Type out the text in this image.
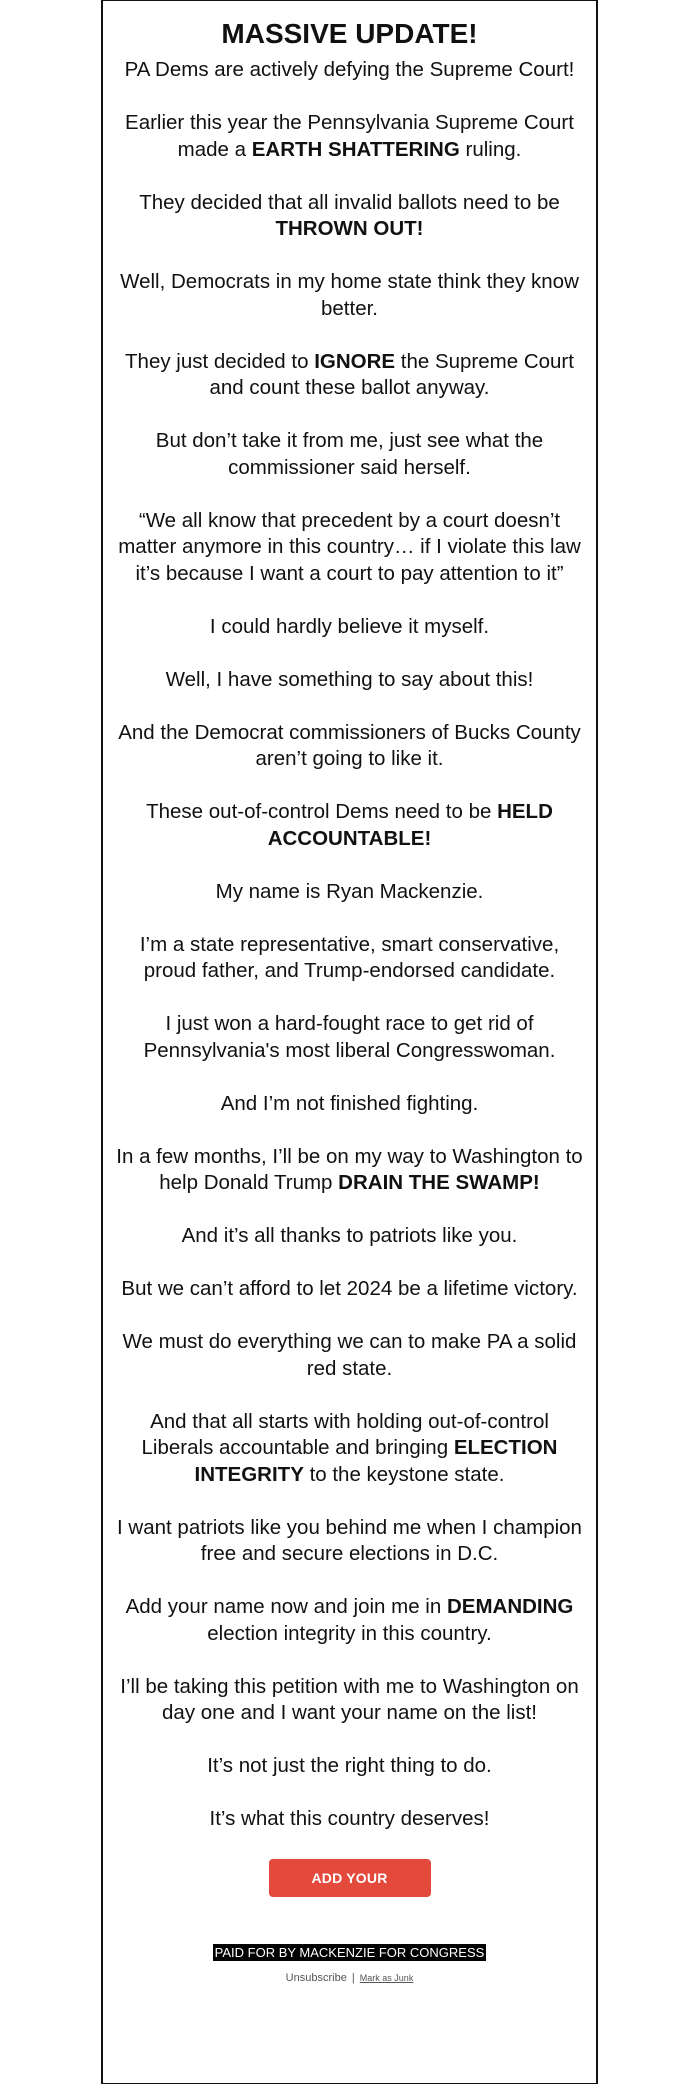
MASSIVE UPDATE!

PA Dems are actively defying the Supreme Court!

Earlier this year the Pennsylvania Supreme Court made a EARTH SHATTERING ruling.

They decided that all invalid ballots need to be THROWN OUT!

Well, Democrats in my home state think they know better.

They just decided to IGNORE the Supreme Court and count these ballot anyway.

But don’t take it from me, just see what the commissioner said herself.

“We all know that precedent by a court doesn’t matter anymore in this country… if I violate this law it’s because I want a court to pay attention to it”

I could hardly believe it myself.

Well, I have something to say about this!

And the Democrat commissioners of Bucks County aren’t going to like it.

These out-of-control Dems need to be HELD ACCOUNTABLE!

My name is Ryan Mackenzie.

I’m a state representative, smart conservative, proud father, and Trump-endorsed candidate.

I just won a hard-fought race to get rid of Pennsylvania's most liberal Congresswoman.

And I’m not finished fighting.

In a few months, I’ll be on my way to Washington to help Donald Trump DRAIN THE SWAMP!

And it’s all thanks to patriots like you.

But we can’t afford to let 2024 be a lifetime victory.

We must do everything we can to make PA a solid red state.

And that all starts with holding out-of-control Liberals accountable and bringing ELECTION INTEGRITY to the keystone state.

I want patriots like you behind me when I champion free and secure elections in D.C.

Add your name now and join me in DEMANDING election integrity in this country.

I’ll be taking this petition with me to Washington on day one and I want your name on the list!

It’s not just the right thing to do.

It’s what this country deserves!

ADD YOUR NAME
PAID FOR BY MACKENZIE FOR CONGRESS
Unsubscribe | Mark as Junk
